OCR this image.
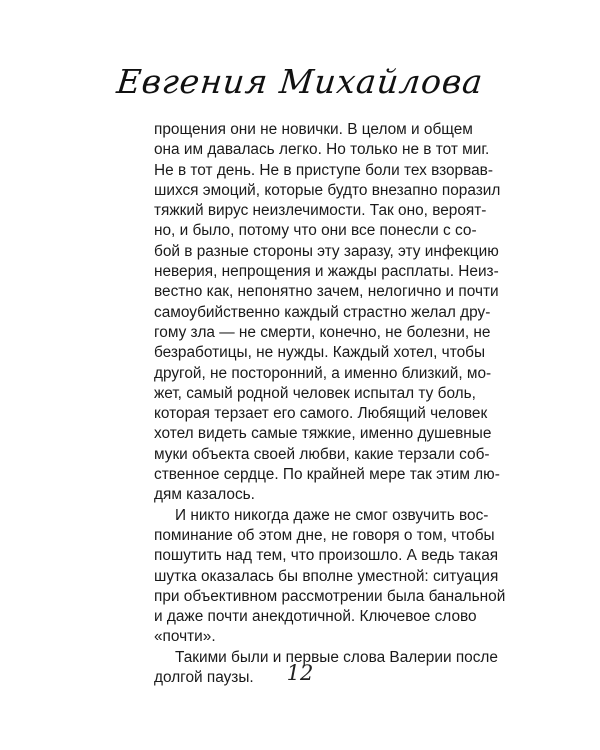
Евгения Михайлова
прощения они не новички. В целом и общем
она им давалась легко. Но только не в тот миг.
Не в тот день. Не в приступе боли тех взорвав-
шихся эмоций, которые будто внезапно поразил
тяжкий вирус неизлечимости. Так оно, вероят-
но, и было, потому что они все понесли с со-
бой в разные стороны эту заразу, эту инфекцию
неверия, непрощения и жажды расплаты. Неиз-
вестно как, непонятно зачем, нелогично и почти
самоубийственно каждый страстно желал дру-
гому зла — не смерти, конечно, не болезни, не
безработицы, не нужды. Каждый хотел, чтобы
другой, не посторонний, а именно близкий, мо-
жет, самый родной человек испытал ту боль,
которая терзает его самого. Любящий человек
хотел видеть самые тяжкие, именно душевные
муки объекта своей любви, какие терзали соб-
ственное сердце. По крайней мере так этим лю-
дям казалось.
И никто никогда даже не смог озвучить вос-
поминание об этом дне, не говоря о том, чтобы
пошутить над тем, что произошло. А ведь такая
шутка оказалась бы вполне уместной: ситуация
при объективном рассмотрении была банальной
и даже почти анекдотичной. Ключевое слово
«почти».
Такими были и первые слова Валерии после
долгой паузы.	12
